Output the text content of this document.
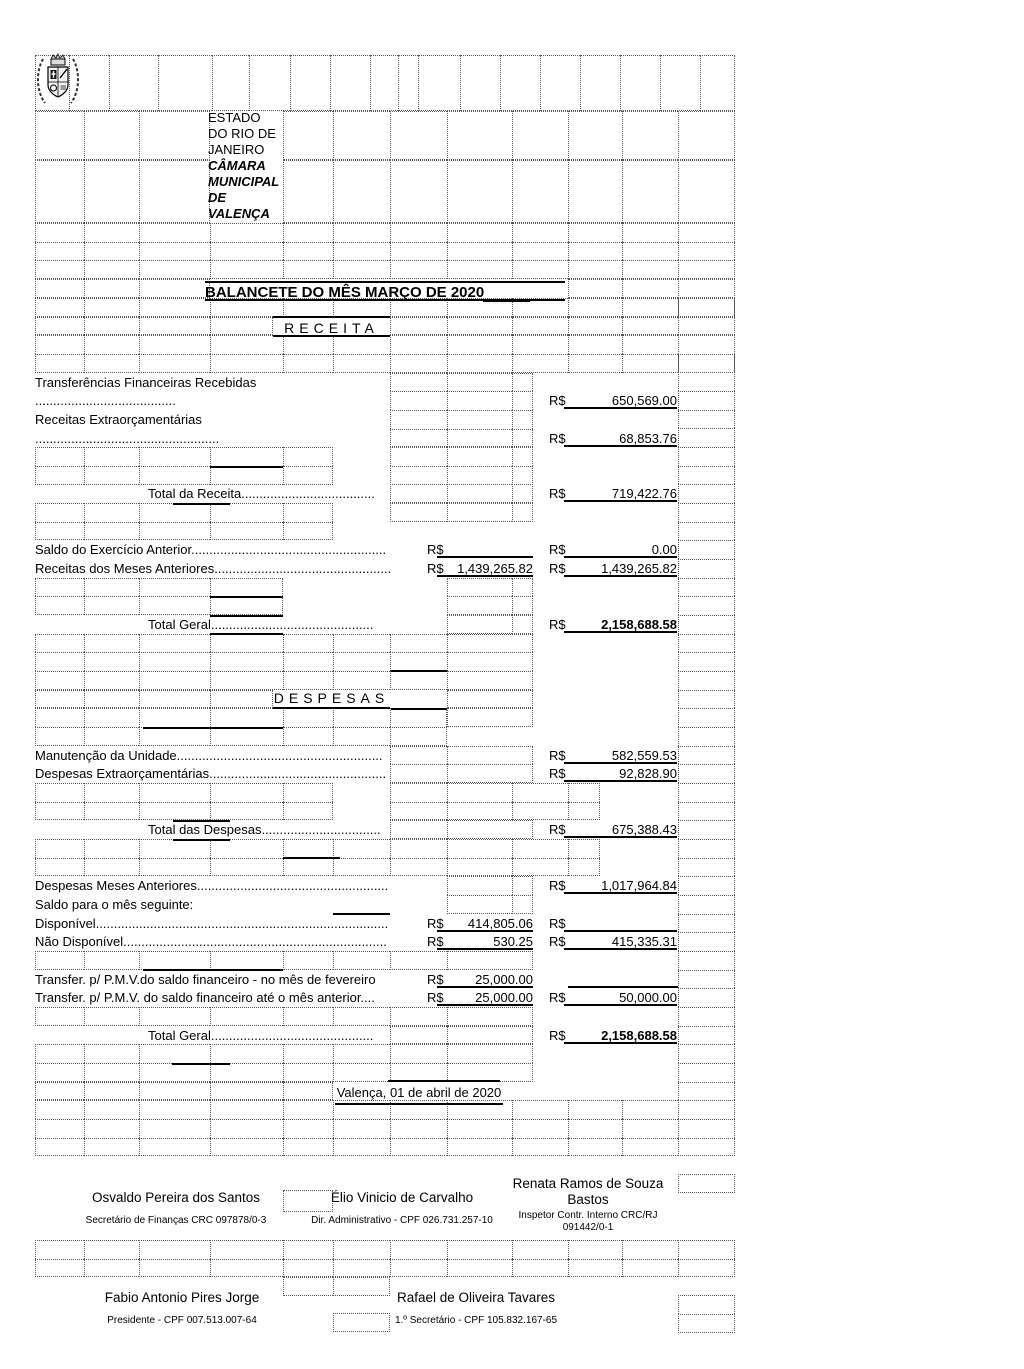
ESTADO DO RIO DE JANEIRO
CÂMARA MUNICIPAL DE VALENÇA
BALANCETE DO MÊS MARÇO DE 2020
RECEITA
DESPESAS
Transferências Financeiras Recebidas
.......................................	R$	650,569.00
Receitas Extraorçamentárias
...................................................	R$	68,853.76
Total da Receita.....................................	R$	719,422.76
Saldo do Exercício Anterior......................................................	R$	R$	0.00
Receitas dos Meses Anteriores.................................................	R$	1,439,265.82 R$	1,439,265.82
Total Geral.............................................	R$	2,158,688.58
Manutenção da Unidade.........................................................	R$	582,559.53
Despesas Extraorçamentárias.................................................	R$	92,828.90
Total das Despesas.................................	R$	675,388.43
Despesas Meses Anteriores.....................................................	R$	1,017,964.84
Saldo para o mês seguinte:
Disponível.................................................................................	R$	414,805.06 R$
Não Disponível.........................................................................	R$	530.25 R$	415,335.31
Transfer. p/ P.M.V.do saldo financeiro - no mês de fevereiro	R$	25,000.00
Transfer. p/ P.M.V. do saldo financeiro até o mês anterior....	R$	25,000.00 R$	50,000.00
Total Geral.............................................	R$	2,158,688.58
Valença, 01 de abril de 2020
Osvaldo Pereira dos Santos
Secretário de Finanças CRC 097878/0-3
Élio Vinicio de Carvalho
Dir. Administrativo - CPF 026.731.257-10
Renata Ramos de Souza Bastos
Inspetor Contr. Interno CRC/RJ 091442/0-1
Fabio Antonio Pires Jorge
Presidente - CPF 007.513.007-64
Rafael de Oliveira Tavares
1.º Secretário - CPF 105.832.167-65
